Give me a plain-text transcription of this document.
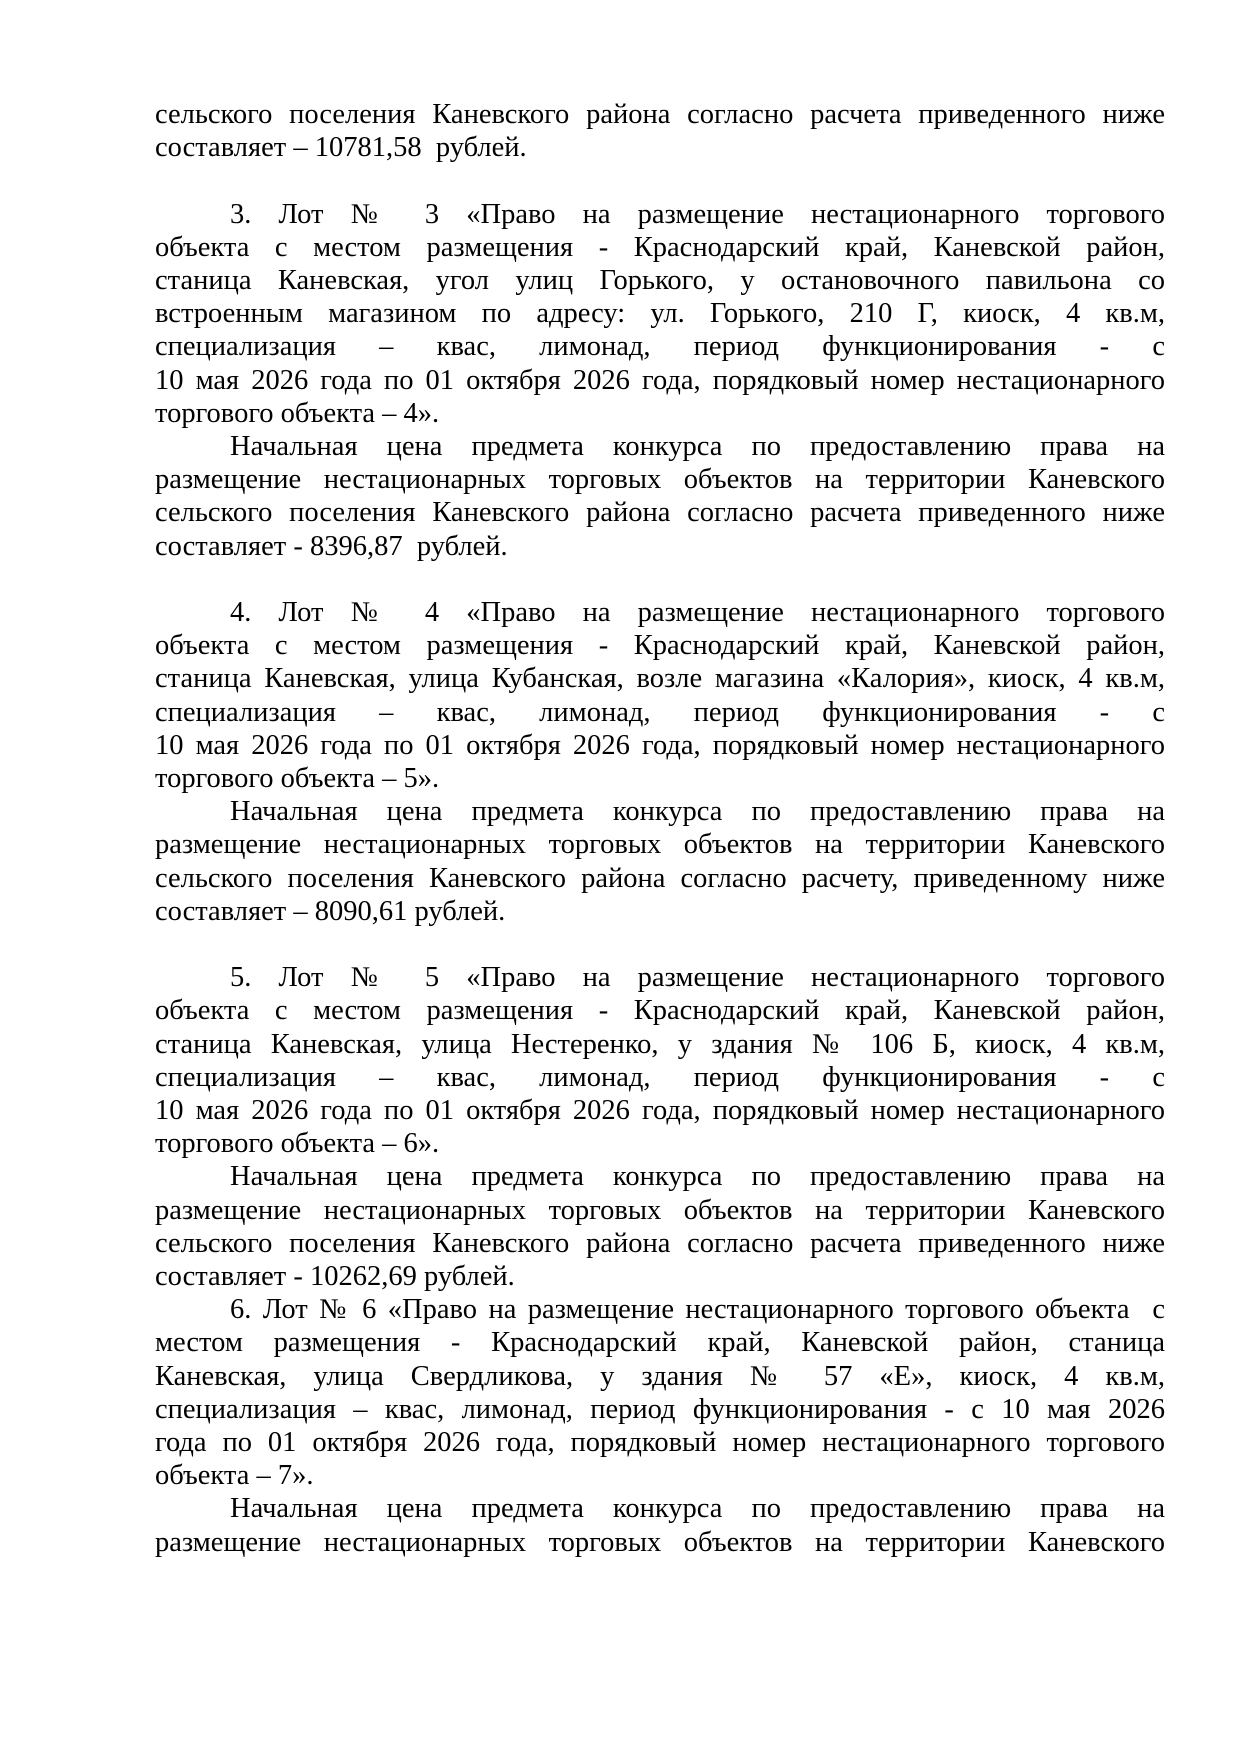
сельского поселения Каневского района согласно расчета приведенного ниже
составляет – 10781,58  рублей.
3. Лот № 3 «Право на размещение нестационарного торгового
объекта с местом размещения - Краснодарский край, Каневской район,
станица Каневская, угол улиц Горького, у остановочного павильона со
встроенным магазином по адресу: ул. Горького, 210 Г, киоск, 4 кв.м,
специализация – квас, лимонад, период функционирования - с
10 мая 2026 года по 01 октября 2026 года, порядковый номер нестационарного
торгового объекта – 4».
Начальная цена предмета конкурса по предоставлению права на
размещение нестационарных торговых объектов на территории Каневского
сельского поселения Каневского района согласно расчета приведенного ниже
составляет - 8396,87  рублей.
4. Лот № 4 «Право на размещение нестационарного торгового
объекта с местом размещения - Краснодарский край, Каневской район,
станица Каневская, улица Кубанская, возле магазина «Калория», киоск, 4 кв.м,
специализация – квас, лимонад, период функционирования - с
10 мая 2026 года по 01 октября 2026 года, порядковый номер нестационарного
торгового объекта – 5».
Начальная цена предмета конкурса по предоставлению права на
размещение нестационарных торговых объектов на территории Каневского
сельского поселения Каневского района согласно расчету, приведенному ниже
составляет – 8090,61 рублей.
5. Лот № 5 «Право на размещение нестационарного торгового
объекта с местом размещения - Краснодарский край, Каневской район,
станица Каневская, улица Нестеренко, у здания № 106 Б, киоск, 4 кв.м,
специализация – квас, лимонад, период функционирования - с
10 мая 2026 года по 01 октября 2026 года, порядковый номер нестационарного
торгового объекта – 6».
Начальная цена предмета конкурса по предоставлению права на
размещение нестационарных торговых объектов на территории Каневского
сельского поселения Каневского района согласно расчета приведенного ниже
составляет - 10262,69 рублей.
6. Лот № 6 «Право на размещение нестационарного торгового объекта  с
местом размещения - Краснодарский край, Каневской район, станица
Каневская, улица Свердликова, у здания № 57 «Е», киоск, 4 кв.м,
специализация – квас, лимонад, период функционирования - с 10 мая 2026
года по 01 октября 2026 года, порядковый номер нестационарного торгового
объекта – 7».
Начальная цена предмета конкурса по предоставлению права на
размещение нестационарных торговых объектов на территории Каневского
